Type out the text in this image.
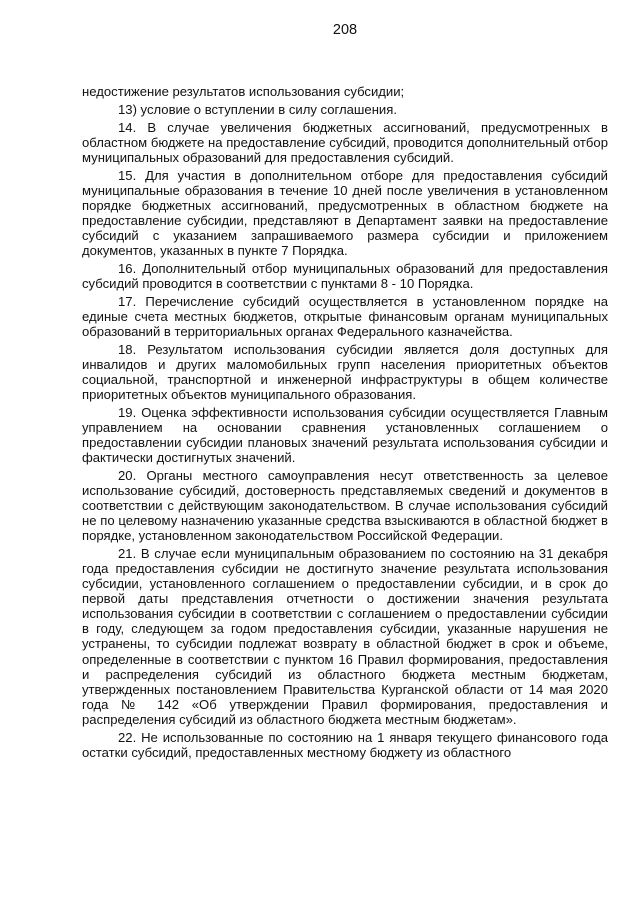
208

недостижение результатов использования субсидии;

13) условие о вступлении в силу соглашения.

14. В случае увеличения бюджетных ассигнований, предусмотренных в областном бюджете на предоставление субсидий, проводится дополнительный отбор муниципальных образований для предоставления субсидий.

15. Для участия в дополнительном отборе для предоставления субсидий муниципальные образования в течение 10 дней после увеличения в установленном порядке бюджетных ассигнований, предусмотренных в областном бюджете на предоставление субсидии, представляют в Департамент заявки на предоставление субсидий с указанием запрашиваемого размера субсидии и приложением документов, указанных в пункте 7 Порядка.

16. Дополнительный отбор муниципальных образований для предоставления субсидий проводится в соответствии с пунктами 8 - 10 Порядка.

17. Перечисление субсидий осуществляется в установленном порядке на единые счета местных бюджетов, открытые финансовым органам муниципальных образований в территориальных органах Федерального казначейства.

18. Результатом использования субсидии является доля доступных для инвалидов и других маломобильных групп населения приоритетных объектов социальной, транспортной и инженерной инфраструктуры в общем количестве приоритетных объектов муниципального образования.

19. Оценка эффективности использования субсидии осуществляется Главным управлением на основании сравнения установленных соглашением о предоставлении субсидии плановых значений результата использования субсидии и фактически достигнутых значений.

20. Органы местного самоуправления несут ответственность за целевое использование субсидий, достоверность представляемых сведений и документов в соответствии с действующим законодательством. В случае использования субсидий не по целевому назначению указанные средства взыскиваются в областной бюджет в порядке, установленном законодательством Российской Федерации.

21. В случае если муниципальным образованием по состоянию на 31 декабря года предоставления субсидии не достигнуто значение результата использования субсидии, установленного соглашением о предоставлении субсидии, и в срок до первой даты представления отчетности о достижении значения результата использования субсидии в соответствии с соглашением о предоставлении субсидии в году, следующем за годом предоставления субсидии, указанные нарушения не устранены, то субсидии подлежат возврату в областной бюджет в срок и объеме, определенные в соответствии с пунктом 16 Правил формирования, предоставления и распределения субсидий из областного бюджета местным бюджетам, утвержденных постановлением Правительства Курганской области от 14 мая 2020 года № 142 «Об утверждении Правил формирования, предоставления и распределения субсидий из областного бюджета местным бюджетам».

22. Не использованные по состоянию на 1 января текущего финансового года остатки субсидий, предоставленных местному бюджету из областного
